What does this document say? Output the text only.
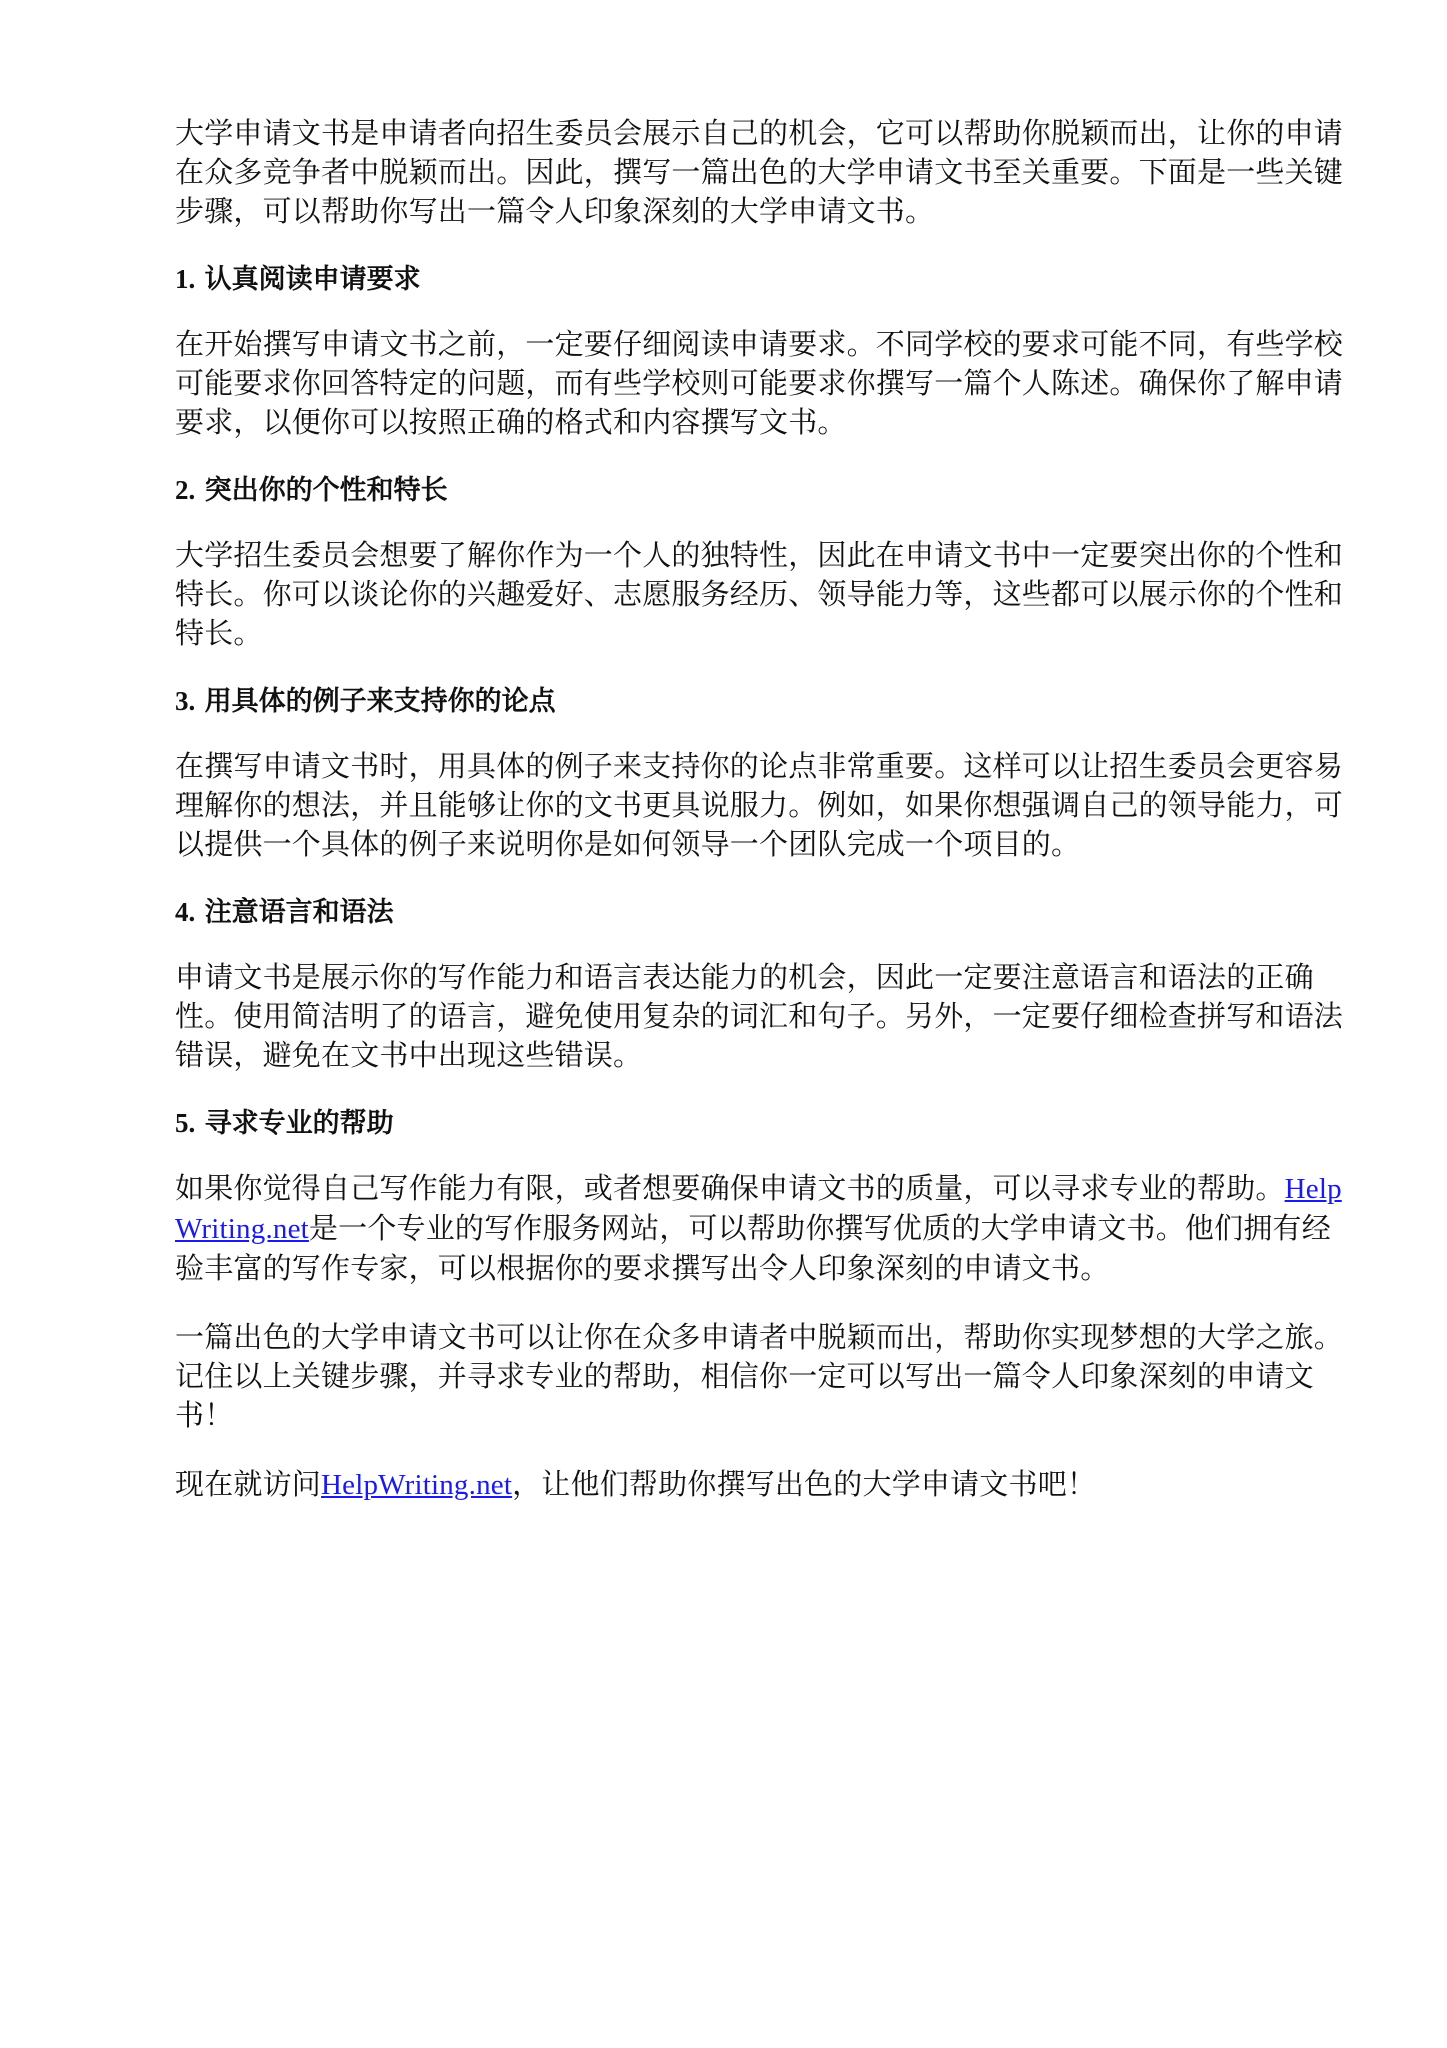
大学申请文书是申请者向招生委员会展示自己的机会，它可以帮助你脱颖而出，让你的申请在众多竞争者中脱颖而出。因此，撰写一篇出色的大学申请文书至关重要。下面是一些关键步骤，可以帮助你写出一篇令人印象深刻的大学申请文书。

1. 认真阅读申请要求

在开始撰写申请文书之前，一定要仔细阅读申请要求。不同学校的要求可能不同，有些学校可能要求你回答特定的问题，而有些学校则可能要求你撰写一篇个人陈述。确保你了解申请要求，以便你可以按照正确的格式和内容撰写文书。

2. 突出你的个性和特长

大学招生委员会想要了解你作为一个人的独特性，因此在申请文书中一定要突出你的个性和特长。你可以谈论你的兴趣爱好、志愿服务经历、领导能力等，这些都可以展示你的个性和特长。

3. 用具体的例子来支持你的论点

在撰写申请文书时，用具体的例子来支持你的论点非常重要。这样可以让招生委员会更容易理解你的想法，并且能够让你的文书更具说服力。例如，如果你想强调自己的领导能力，可以提供一个具体的例子来说明你是如何领导一个团队完成一个项目的。

4. 注意语言和语法

申请文书是展示你的写作能力和语言表达能力的机会，因此一定要注意语言和语法的正确性。使用简洁明了的语言，避免使用复杂的词汇和句子。另外，一定要仔细检查拼写和语法错误，避免在文书中出现这些错误。

5. 寻求专业的帮助

如果你觉得自己写作能力有限，或者想要确保申请文书的质量，可以寻求专业的帮助。HelpWriting.net是一个专业的写作服务网站，可以帮助你撰写优质的大学申请文书。他们拥有经验丰富的写作专家，可以根据你的要求撰写出令人印象深刻的申请文书。

一篇出色的大学申请文书可以让你在众多申请者中脱颖而出，帮助你实现梦想的大学之旅。记住以上关键步骤，并寻求专业的帮助，相信你一定可以写出一篇令人印象深刻的申请文书！

现在就访问HelpWriting.net，让他们帮助你撰写出色的大学申请文书吧！
